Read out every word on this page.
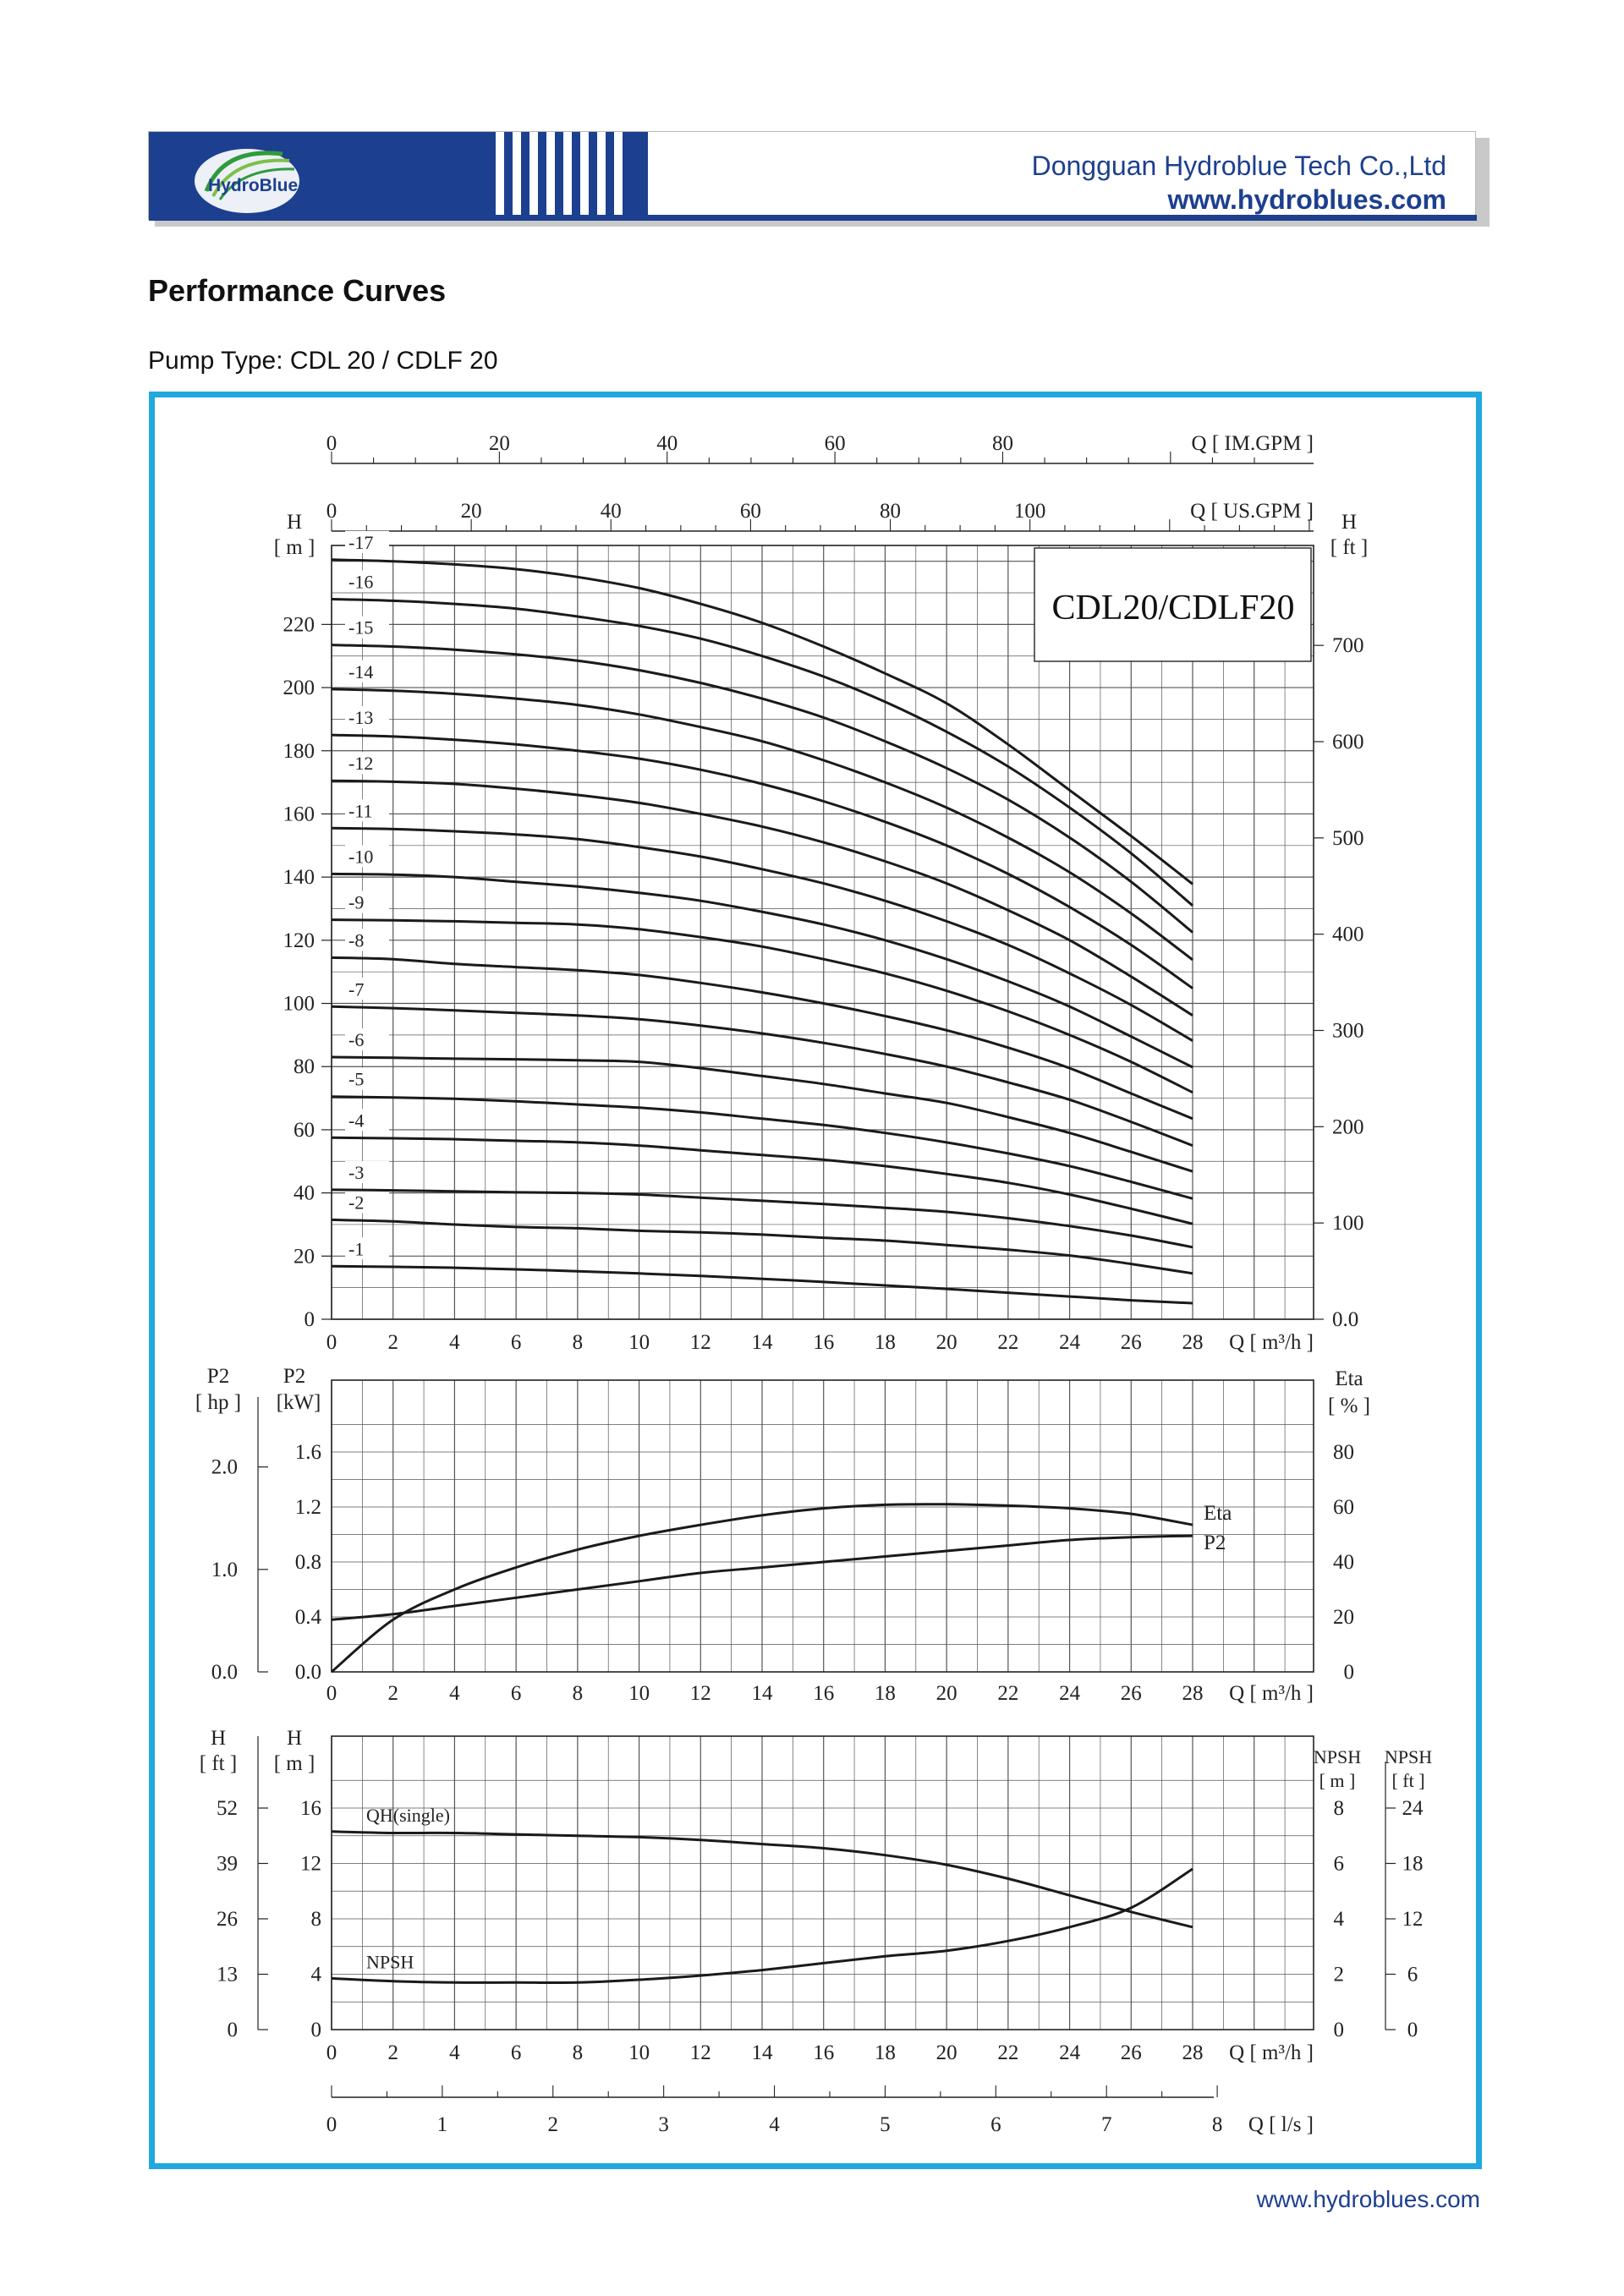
HydroBlue
Dongguan Hydroblue Tech Co.,Ltd
www.hydroblues.com
Performance Curves
Pump Type: CDL 20 / CDLF 20
0	20	40	60	80	Q [ IM.GPM ]
0	20	40	60	80	100	Q [ US.GPM ]
0
20
40
60
80
100
120
140
160
180
200
220
H
[ m ]
0.0
100
200
300
400
500
600
700
H
[ ft ]
CDL20/CDLF20
-1
-2
-3
-4
-5
-6
-7
-8
-9
-10
-11
-12
-13
-14
-15
-16
-17
0 2 4 6 8 10 12 14 16 18 20 22 24 26 28 Q [ m³/h ]
0.0
0.4
0.8
1.2
1.6
0.0
1.0
2.0
0
20
40
60
80
P2
[ hp ]
P2
[kW]
Eta
[ % ]
Eta
P2
0 2 4 6 8 10 12 14 16 18 20 22 24 26 28 Q [ m³/h ]
0
4
8
12
16
0
13
26
39
52
0
2
4
6
8
0
6
12
18
24
H
[ ft ]
H
[ m ]	NPSH
[ m ]
NPSH
[ ft ]
QH(single)
NPSH
0 2 4 6 8 10 12 14 16 18 20 22 24 26 28 Q [ m³/h ]
0	1	2	3	4	5	6	7	8 Q [ l/s ]
www.hydroblues.com
